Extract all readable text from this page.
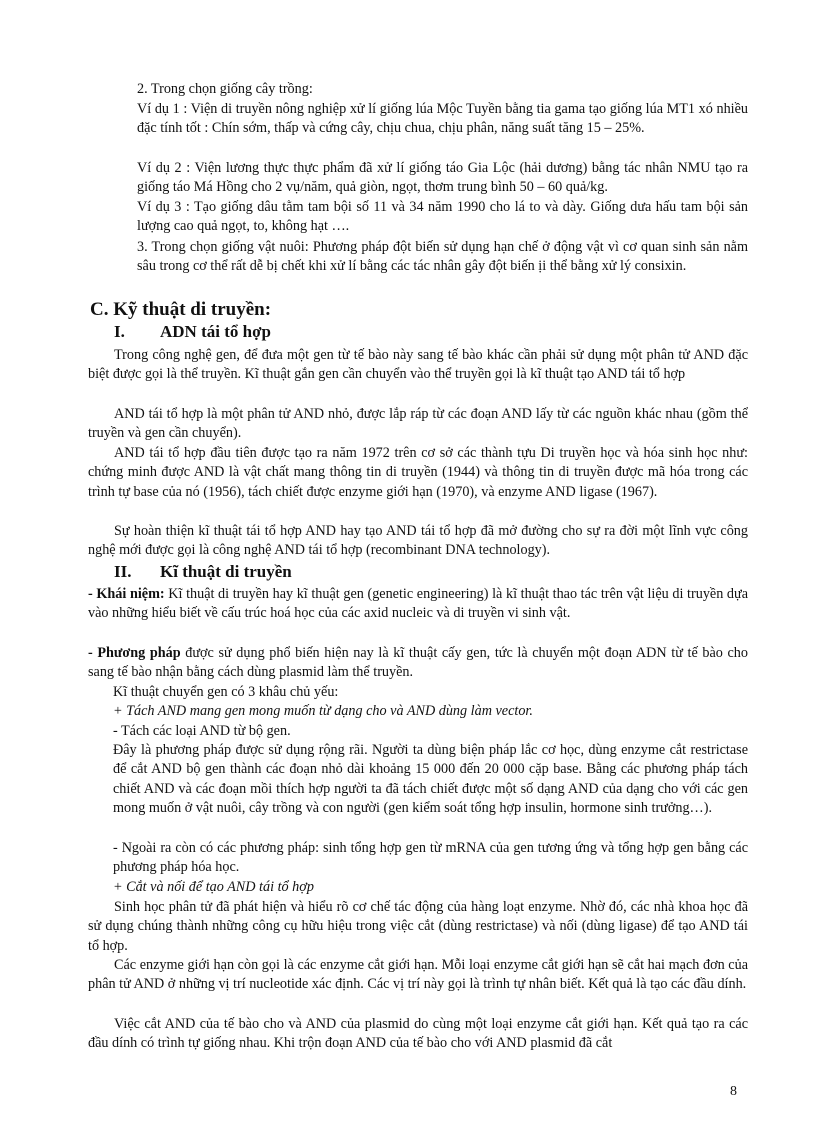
2. Trong chọn giống cây trồng:

Ví dụ 1 : Viện di truyền nông nghiệp xử lí giống lúa Mộc Tuyền bằng tia gama tạo giống lúa MT1 xó nhiều đặc tính tốt : Chín sớm, thấp và cứng cây, chịu chua, chịu phân, năng suất tăng 15 – 25%.

Ví dụ 2 : Viện lương thực thực phẩm đã xử lí giống táo Gia Lộc (hải dương) bằng tác nhân NMU tạo ra giống táo Má Hồng cho 2 vụ/năm, quả giòn, ngọt, thơm trung bình 50 – 60 quả/kg.

Ví dụ 3 : Tạo giống dâu tằm tam bội số 11 và 34 năm 1990 cho lá to và dày. Giống dưa hấu tam bội sản lượng cao quả ngọt, to, không hạt ….

3. Trong chọn giống vật nuôi: Phương pháp đột biến sử dụng hạn chế ở động vật vì cơ quan sinh sản nằm sâu trong cơ thể rất dễ bị chết khi xử lí bằng các tác nhân gây đột biến ịi thể bằng xử lý consixin.

C. Kỹ thuật di truyền:
I. ADN tái tổ hợp

Trong công nghệ gen, để đưa một gen từ tế bào này sang tế bào khác cần phải sử dụng một phân tử AND đặc biệt được gọi là thể truyền. Kĩ thuật gắn gen cần chuyển vào thể truyền gọi là kĩ thuật tạo AND tái tổ hợp

AND tái tổ hợp là một phân tử AND nhỏ, được lắp ráp từ các đoạn AND lấy từ các nguồn khác nhau (gồm thể truyền và gen cần chuyển).

AND tái tổ hợp đầu tiên được tạo ra năm 1972 trên cơ sở các thành tựu Di truyền học và hóa sinh học như: chứng minh được AND là vật chất mang thông tin di truyền (1944) và thông tin di truyền được mã hóa trong các trình tự base của nó (1956), tách chiết được enzyme giới hạn (1970), và enzyme AND ligase (1967).

Sự hoàn thiện kĩ thuật tái tổ hợp AND hay tạo AND tái tổ hợp đã mở đường cho sự ra đời một lĩnh vực công nghệ mới được gọi là công nghệ AND tái tổ hợp (recombinant DNA technology).

II. Kĩ thuật di truyền

- Khái niệm: Kĩ thuật di truyền hay kĩ thuật gen (genetic engineering) là kĩ thuật thao tác trên vật liệu di truyền dựa vào những hiểu biết về cấu trúc hoá học của các axid nucleic và di truyền vi sinh vật.

- Phương pháp được sử dụng phổ biến hiện nay là kĩ thuật cấy gen, tức là chuyển một đoạn ADN từ tế bào cho sang tế bào nhận bằng cách dùng plasmid làm thể truyền.

Kĩ thuật chuyển gen có 3 khâu chủ yếu:

+ Tách AND mang gen mong muốn từ dạng cho và AND dùng làm vector.

- Tách các loại AND từ bộ gen.

Đây là phương pháp được sử dụng rộng rãi. Người ta dùng biện pháp lắc cơ học, dùng enzyme cắt restrictase để cắt AND bộ gen thành các đoạn nhỏ dài khoảng 15 000 đến 20 000 cặp base. Bằng các phương pháp tách chiết AND và các đoạn mồi thích hợp người ta đã tách chiết được một số dạng AND của dạng cho với các gen mong muốn ở vật nuôi, cây trồng và con người (gen kiểm soát tổng hợp insulin, hormone sinh trưởng…).

- Ngoài ra còn có các phương pháp: sinh tổng hợp gen từ mRNA của gen tương ứng và tổng hợp gen bằng các phương pháp hóa học.

+ Cắt và nối để tạo AND tái tổ hợp

Sinh học phân tử đã phát hiện và hiểu rõ cơ chế tác động của hàng loạt enzyme. Nhờ đó, các nhà khoa học đã sử dụng chúng thành những công cụ hữu hiệu trong việc cắt (dùng restrictase) và nối (dùng ligase) để tạo AND tái tổ hợp.

Các enzyme giới hạn còn gọi là các enzyme cắt giới hạn. Mỗi loại enzyme cắt giới hạn sẽ cắt hai mạch đơn của phân tử AND ở những vị trí nucleotide xác định. Các vị trí này gọi là trình tự nhân biết. Kết quả là tạo các đầu dính.

Việc cắt AND của tế bào cho và AND của plasmid do cùng một loại enzyme cắt giới hạn. Kết quả tạo ra các đầu dính có trình tự giống nhau. Khi trộn đoạn AND của tế bào cho với AND plasmid đã cắt

8
